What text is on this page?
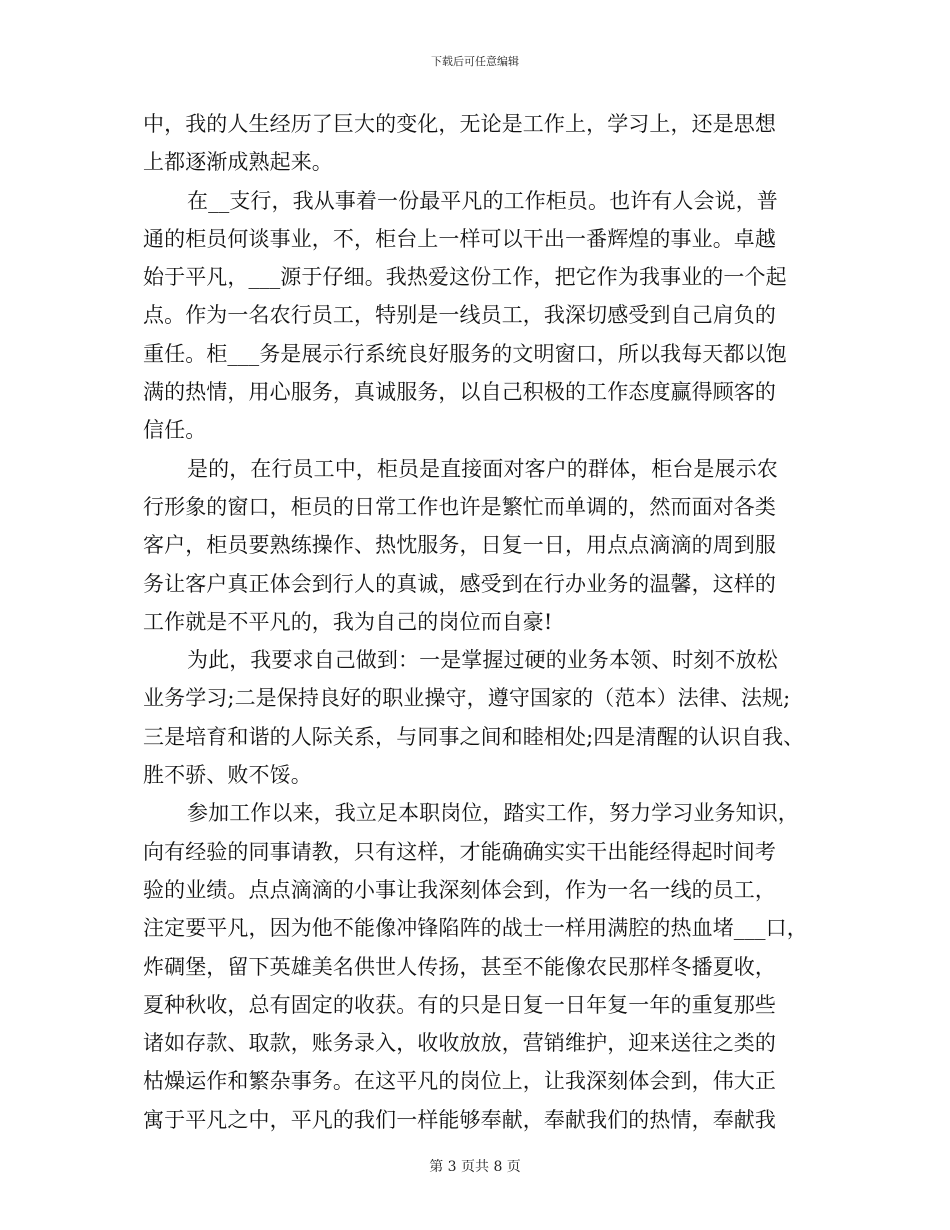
下载后可任意编辑
中，我的人生经历了巨大的变化，无论是工作上，学习上，还是思想
上都逐渐成熟起来。
在__支行，我从事着一份最平凡的工作柜员。也许有人会说，普
通的柜员何谈事业，不，柜台上一样可以干出一番辉煌的事业。卓越
始于平凡，___源于仔细。我热爱这份工作，把它作为我事业的一个起
点。作为一名农行员工，特别是一线员工，我深切感受到自己肩负的
重任。柜___务是展示行系统良好服务的文明窗口，所以我每天都以饱
满的热情，用心服务，真诚服务，以自己积极的工作态度赢得顾客的
信任。
是的，在行员工中，柜员是直接面对客户的群体，柜台是展示农
行形象的窗口，柜员的日常工作也许是繁忙而单调的，然而面对各类
客户，柜员要熟练操作、热忱服务，日复一日，用点点滴滴的周到服
务让客户真正体会到行人的真诚，感受到在行办业务的温馨，这样的
工作就是不平凡的，我为自己的岗位而自豪!
为此，我要求自己做到：一是掌握过硬的业务本领、时刻不放松
业务学习;二是保持良好的职业操守，遵守国家的（范本）法律、法规;
三是培育和谐的人际关系，与同事之间和睦相处;四是清醒的认识自我、
胜不骄、败不馁。
参加工作以来，我立足本职岗位，踏实工作，努力学习业务知识，
向有经验的同事请教，只有这样，才能确确实实干出能经得起时间考
验的业绩。点点滴滴的小事让我深刻体会到，作为一名一线的员工，
注定要平凡，因为他不能像冲锋陷阵的战士一样用满腔的热血堵___口，
炸碉堡，留下英雄美名供世人传扬，甚至不能像农民那样冬播夏收，
夏种秋收，总有固定的收获。有的只是日复一日年复一年的重复那些
诸如存款、取款，账务录入，收收放放，营销维护，迎来送往之类的
枯燥运作和繁杂事务。在这平凡的岗位上，让我深刻体会到，伟大正
寓于平凡之中，平凡的我们一样能够奉献，奉献我们的热情，奉献我
第 3 页共 8 页
